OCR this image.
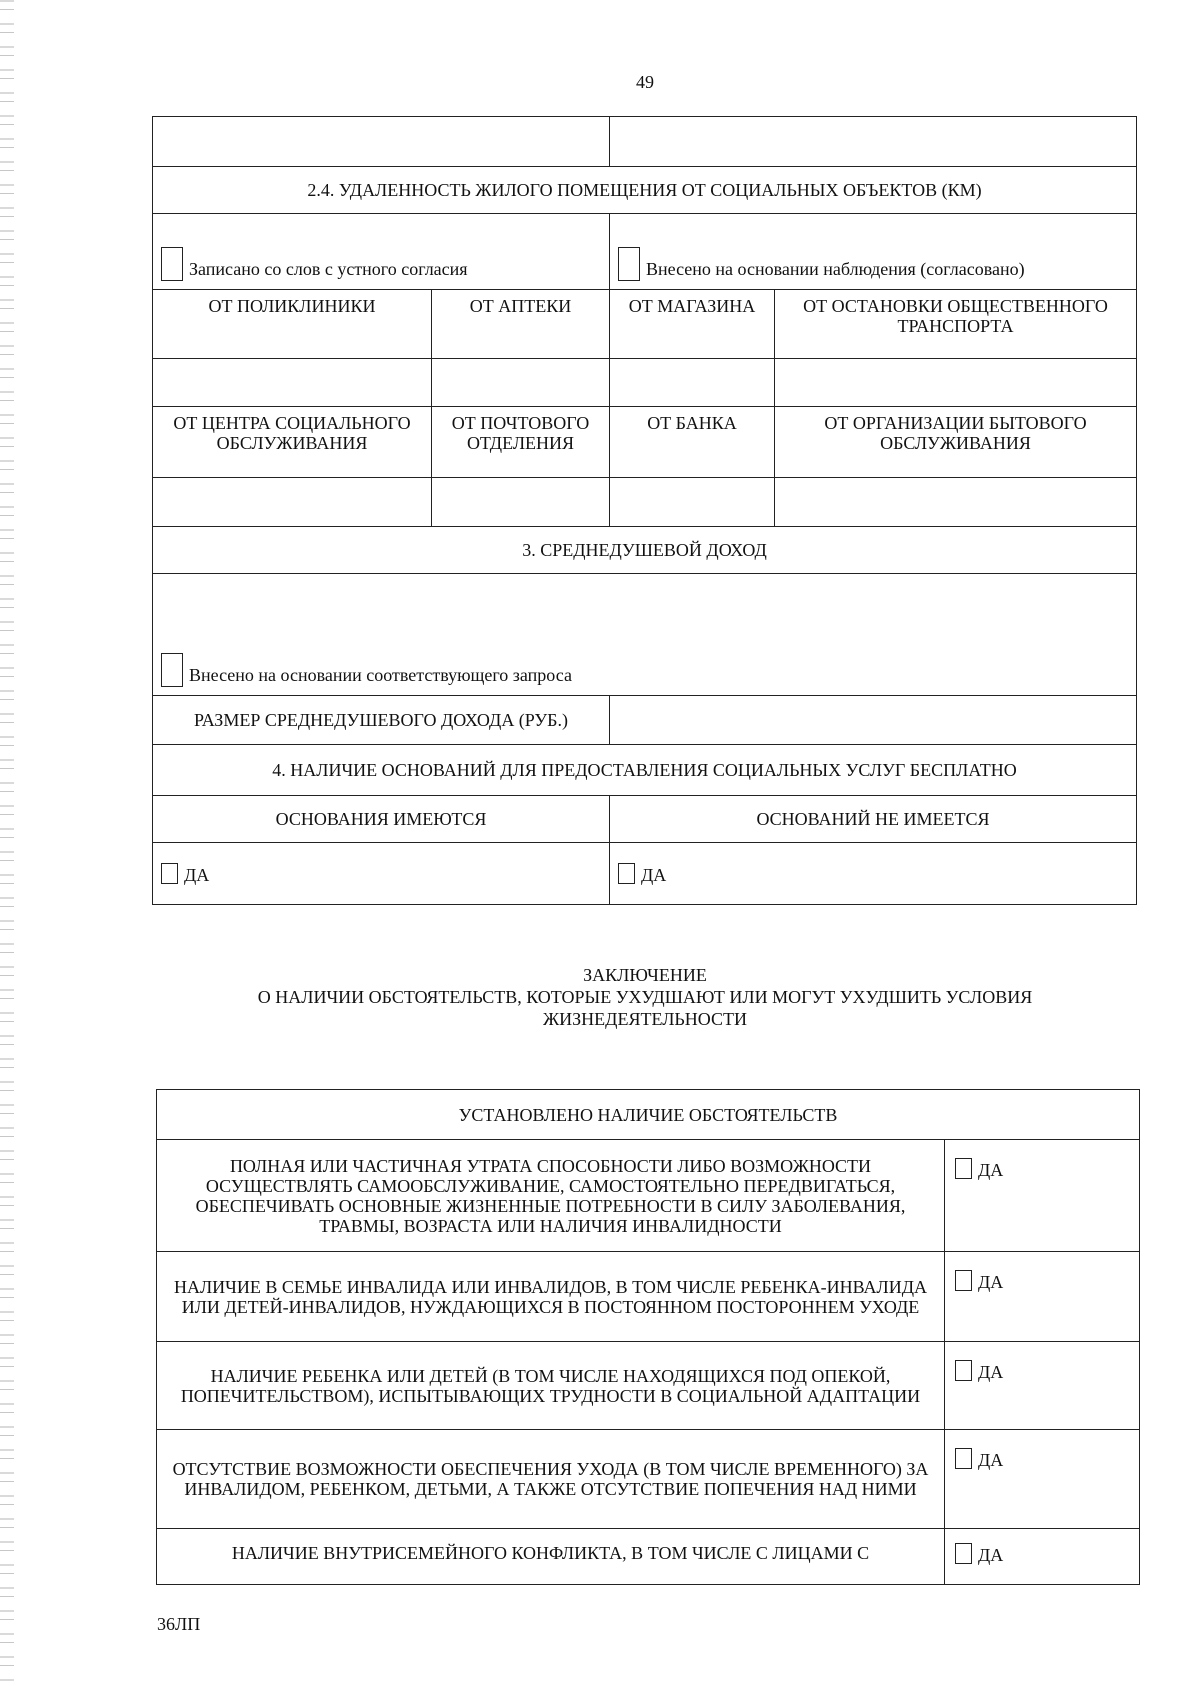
49

2.4. УДАЛЕННОСТЬ ЖИЛОГО ПОМЕЩЕНИЯ ОТ СОЦИАЛЬНЫХ ОБЪЕКТОВ (КМ)			
Записано со слов с устного согласия		Внесено на основании наблюдения (согласовано)	
ОТ ПОЛИКЛИНИКИ	ОТ АПТЕКИ	ОТ МАГАЗИНА	ОТ ОСТАНОВКИ ОБЩЕСТВЕННОГО ТРАНСПОРТА

ОТ ЦЕНТРА СОЦИАЛЬНОГО ОБСЛУЖИВАНИЯ	ОТ ПОЧТОВОГО ОТДЕЛЕНИЯ	ОТ БАНКА	ОТ ОРГАНИЗАЦИИ БЫТОВОГО ОБСЛУЖИВАНИЯ

3. СРЕДНЕДУШЕВОЙ ДОХОД			
Внесено на основании соответствующего запроса			
РАЗМЕР СРЕДНЕДУШЕВОГО ДОХОДА (РУБ.)			
4. НАЛИЧИЕ ОСНОВАНИЙ ДЛЯ ПРЕДОСТАВЛЕНИЯ СОЦИАЛЬНЫХ УСЛУГ БЕСПЛАТНО			
ОСНОВАНИЯ ИМЕЮТСЯ		ОСНОВАНИЙ НЕ ИМЕЕТСЯ	
ДА		ДА	
ЗАКЛЮЧЕНИЕ
О НАЛИЧИИ ОБСТОЯТЕЛЬСТВ, КОТОРЫЕ УХУДШАЮТ ИЛИ МОГУТ УХУДШИТЬ УСЛОВИЯ ЖИЗНЕДЕЯТЕЛЬНОСТИ
УСТАНОВЛЕНО НАЛИЧИЕ ОБСТОЯТЕЛЬСТВ	
ПОЛНАЯ ИЛИ ЧАСТИЧНАЯ УТРАТА СПОСОБНОСТИ ЛИБО ВОЗМОЖНОСТИ ОСУЩЕСТВЛЯТЬ САМООБСЛУЖИВАНИЕ, САМОСТОЯТЕЛЬНО ПЕРЕДВИГАТЬСЯ, ОБЕСПЕЧИВАТЬ ОСНОВНЫЕ ЖИЗНЕННЫЕ ПОТРЕБНОСТИ В СИЛУ ЗАБОЛЕВАНИЯ, ТРАВМЫ, ВОЗРАСТА ИЛИ НАЛИЧИЯ ИНВАЛИДНОСТИ	ДА
НАЛИЧИЕ В СЕМЬЕ ИНВАЛИДА ИЛИ ИНВАЛИДОВ, В ТОМ ЧИСЛЕ РЕБЕНКА-ИНВАЛИДА ИЛИ ДЕТЕЙ-ИНВАЛИДОВ, НУЖДАЮЩИХСЯ В ПОСТОЯННОМ ПОСТОРОННЕМ УХОДЕ	ДА
НАЛИЧИЕ РЕБЕНКА ИЛИ ДЕТЕЙ (В ТОМ ЧИСЛЕ НАХОДЯЩИХСЯ ПОД ОПЕКОЙ, ПОПЕЧИТЕЛЬСТВОМ), ИСПЫТЫВАЮЩИХ ТРУДНОСТИ В СОЦИАЛЬНОЙ АДАПТАЦИИ	ДА
ОТСУТСТВИЕ ВОЗМОЖНОСТИ ОБЕСПЕЧЕНИЯ УХОДА (В ТОМ ЧИСЛЕ ВРЕМЕННОГО) ЗА ИНВАЛИДОМ, РЕБЕНКОМ, ДЕТЬМИ, А ТАКЖЕ ОТСУТСТВИЕ ПОПЕЧЕНИЯ НАД НИМИ	ДА
НАЛИЧИЕ ВНУТРИСЕМЕЙНОГО КОНФЛИКТА, В ТОМ ЧИСЛЕ С ЛИЦАМИ С	ДА
36ЛП
